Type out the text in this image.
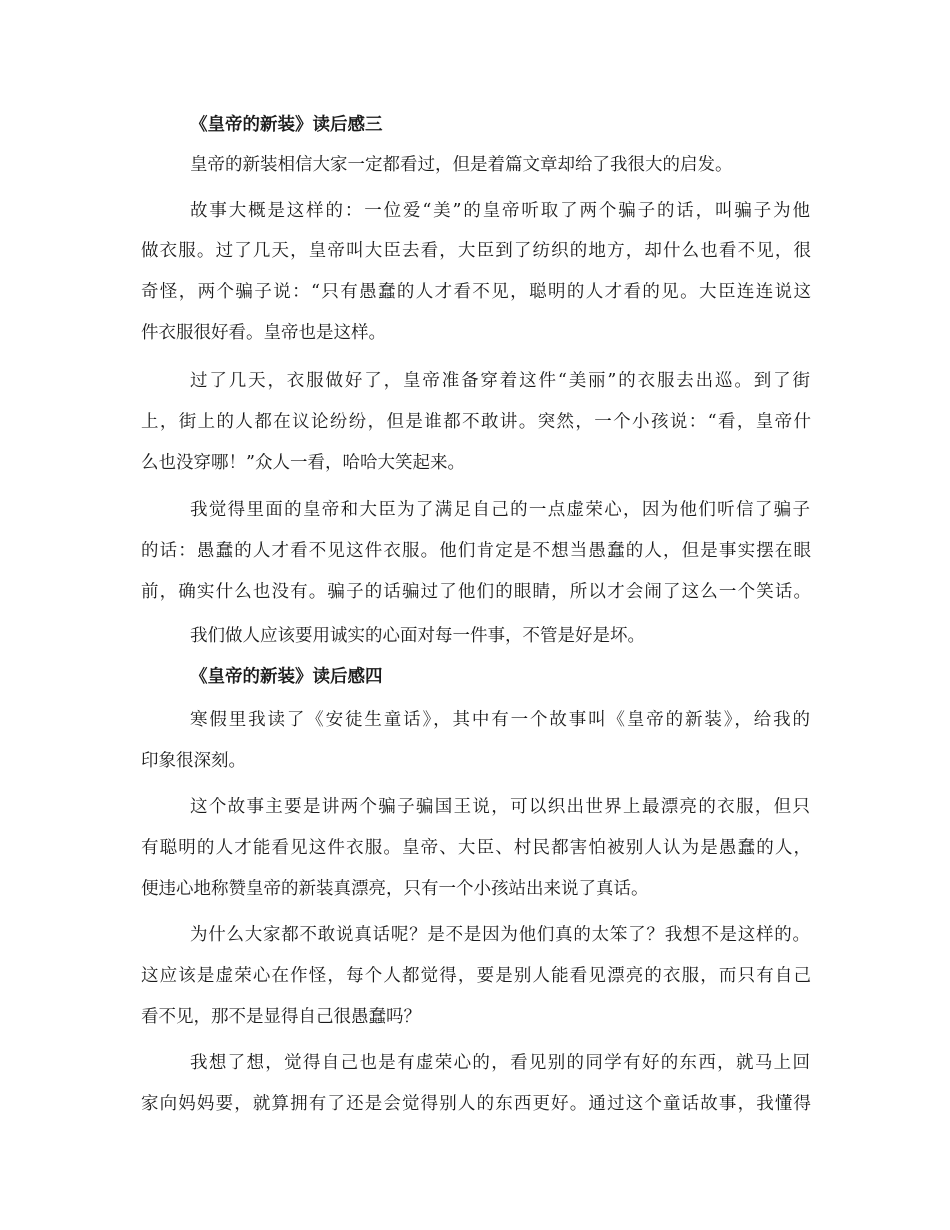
《皇帝的新装》读后感三
皇帝的新装相信大家一定都看过，但是着篇文章却给了我很大的启发。
故事大概是这样的：一位爱“美”的皇帝听取了两个骗子的话，叫骗子为他
做衣服。过了几天，皇帝叫大臣去看，大臣到了纺织的地方，却什么也看不见，很
奇怪，两个骗子说：“只有愚蠢的人才看不见，聪明的人才看的见。大臣连连说这
件衣服很好看。皇帝也是这样。
过了几天，衣服做好了，皇帝准备穿着这件“美丽”的衣服去出巡。到了街
上，街上的人都在议论纷纷，但是谁都不敢讲。突然，一个小孩说：“看，皇帝什
么也没穿哪！”众人一看，哈哈大笑起来。
我觉得里面的皇帝和大臣为了满足自己的一点虚荣心，因为他们听信了骗子
的话：愚蠢的人才看不见这件衣服。他们肯定是不想当愚蠢的人，但是事实摆在眼
前，确实什么也没有。骗子的话骗过了他们的眼睛，所以才会闹了这么一个笑话。
我们做人应该要用诚实的心面对每一件事，不管是好是坏。
《皇帝的新装》读后感四
寒假里我读了《安徒生童话》，其中有一个故事叫《皇帝的新装》，给我的
印象很深刻。
这个故事主要是讲两个骗子骗国王说，可以织出世界上最漂亮的衣服，但只
有聪明的人才能看见这件衣服。皇帝、大臣、村民都害怕被别人认为是愚蠢的人，
便违心地称赞皇帝的新装真漂亮，只有一个小孩站出来说了真话。
为什么大家都不敢说真话呢？是不是因为他们真的太笨了？我想不是这样的。
这应该是虚荣心在作怪，每个人都觉得，要是别人能看见漂亮的衣服，而只有自己
看不见，那不是显得自己很愚蠢吗？
我想了想，觉得自己也是有虚荣心的，看见别的同学有好的东西，就马上回
家向妈妈要，就算拥有了还是会觉得别人的东西更好。通过这个童话故事，我懂得
